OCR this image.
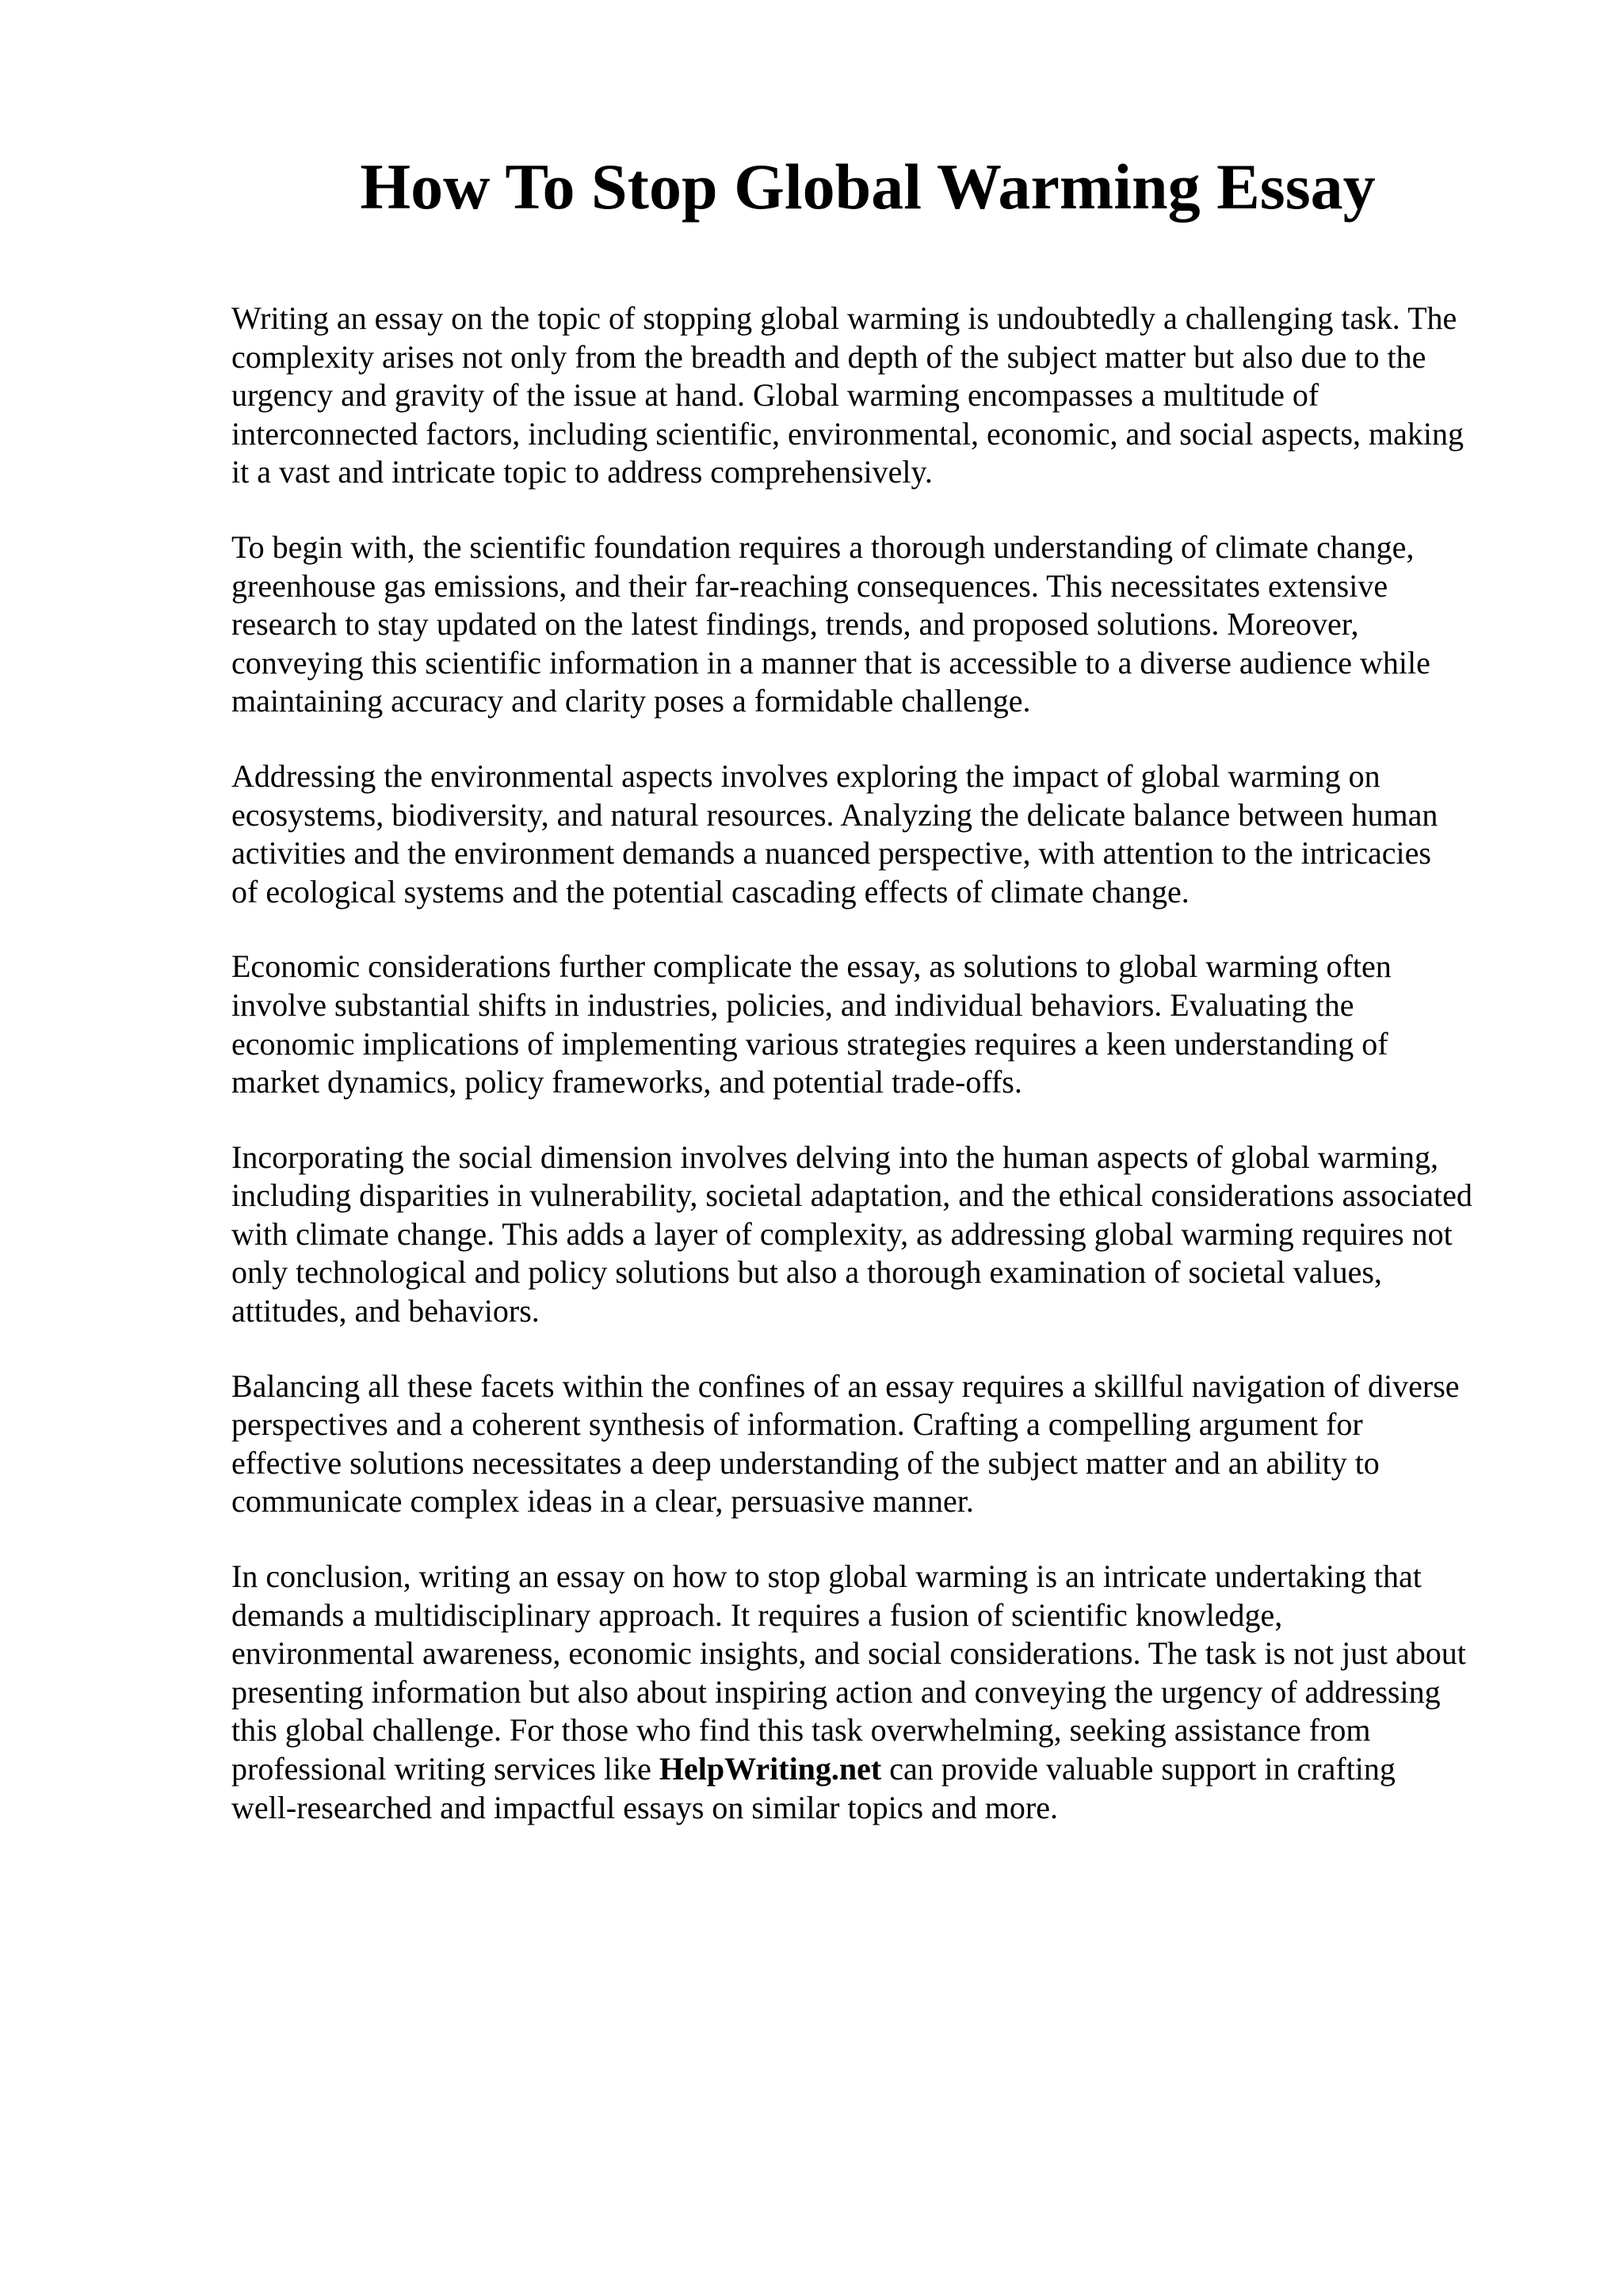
How To Stop Global Warming Essay

Writing an essay on the topic of stopping global warming is undoubtedly a challenging task. The
complexity arises not only from the breadth and depth of the subject matter but also due to the
urgency and gravity of the issue at hand. Global warming encompasses a multitude of
interconnected factors, including scientific, environmental, economic, and social aspects, making
it a vast and intricate topic to address comprehensively.

To begin with, the scientific foundation requires a thorough understanding of climate change,
greenhouse gas emissions, and their far-reaching consequences. This necessitates extensive
research to stay updated on the latest findings, trends, and proposed solutions. Moreover,
conveying this scientific information in a manner that is accessible to a diverse audience while
maintaining accuracy and clarity poses a formidable challenge.

Addressing the environmental aspects involves exploring the impact of global warming on
ecosystems, biodiversity, and natural resources. Analyzing the delicate balance between human
activities and the environment demands a nuanced perspective, with attention to the intricacies
of ecological systems and the potential cascading effects of climate change.

Economic considerations further complicate the essay, as solutions to global warming often
involve substantial shifts in industries, policies, and individual behaviors. Evaluating the
economic implications of implementing various strategies requires a keen understanding of
market dynamics, policy frameworks, and potential trade-offs.

Incorporating the social dimension involves delving into the human aspects of global warming,
including disparities in vulnerability, societal adaptation, and the ethical considerations associated
with climate change. This adds a layer of complexity, as addressing global warming requires not
only technological and policy solutions but also a thorough examination of societal values,
attitudes, and behaviors.

Balancing all these facets within the confines of an essay requires a skillful navigation of diverse
perspectives and a coherent synthesis of information. Crafting a compelling argument for
effective solutions necessitates a deep understanding of the subject matter and an ability to
communicate complex ideas in a clear, persuasive manner.

In conclusion, writing an essay on how to stop global warming is an intricate undertaking that
demands a multidisciplinary approach. It requires a fusion of scientific knowledge,
environmental awareness, economic insights, and social considerations. The task is not just about
presenting information but also about inspiring action and conveying the urgency of addressing
this global challenge. For those who find this task overwhelming, seeking assistance from
professional writing services like HelpWriting.net can provide valuable support in crafting
well-researched and impactful essays on similar topics and more.
